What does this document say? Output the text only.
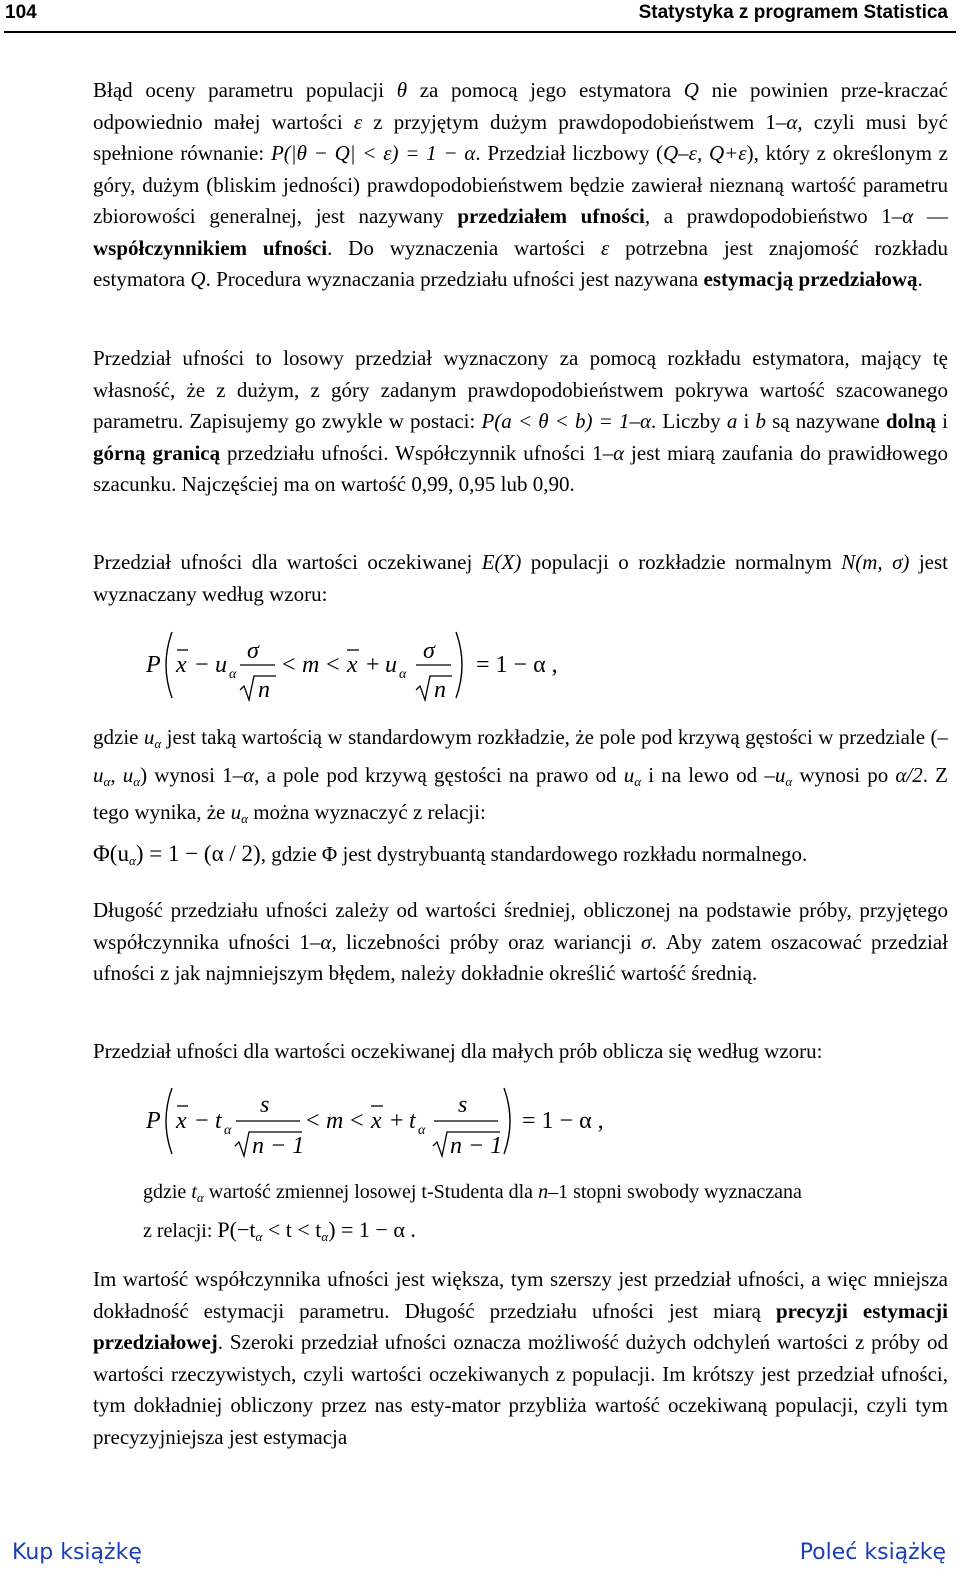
104	Statystyka z programem Statistica
Błąd oceny parametru populacji θ za pomocą jego estymatora Q nie powinien prze-kraczać odpowiednio małej wartości ε z przyjętym dużym prawdopodobieństwem 1–α, czyli musi być spełnione równanie: P(|θ − Q| < ε) = 1 − α. Przedział liczbowy (Q–ε, Q+ε), który z określonym z góry, dużym (bliskim jedności) prawdopodobieństwem będzie zawierał nieznaną wartość parametru zbiorowości generalnej, jest nazywany przedziałem ufności, a prawdopodobieństwo 1–α — współczynnikiem ufności. Do wyznaczenia wartości ε potrzebna jest znajomość rozkładu estymatora Q. Procedura wyznaczania przedziału ufności jest nazywana estymacją przedziałową.
Przedział ufności to losowy przedział wyznaczony za pomocą rozkładu estymatora, mający tę własność, że z dużym, z góry zadanym prawdopodobieństwem pokrywa wartość szacowanego parametru. Zapisujemy go zwykle w postaci: P(a < θ < b) = 1–α. Liczby a i b są nazywane dolną i górną granicą przedziału ufności. Współczynnik ufności 1–α jest miarą zaufania do prawidłowego szacunku. Najczęściej ma on wartość 0,99, 0,95 lub 0,90.
Przedział ufności dla wartości oczekiwanej E(X) populacji o rozkładzie normalnym N(m, σ) jest wyznaczany według wzoru:
P x − u α
σ
n
< m < x + u α
σ
n
= 1 − α ,
gdzie $u_\alpha$ jest taką wartością w standardowym rozkładzie, że pole pod krzywą gęstości w przedziale ($-u_\alpha$, $u_\alpha$) wynosi 1–α, a pole pod krzywą gęstości na prawo od $u_\alpha$ i na lewo od $-u_\alpha$ wynosi po α/2. Z tego wynika, że $u_\alpha$ można wyznaczyć z relacji:
$\Phi(u_\alpha) = 1 - (\alpha / 2)$, gdzie Φ jest dystrybuantą standardowego rozkładu normalnego.
Długość przedziału ufności zależy od wartości średniej, obliczonej na podstawie próby, przyjętego współczynnika ufności 1–α, liczebności próby oraz wariancji σ. Aby zatem oszacować przedział ufności z jak najmniejszym błędem, należy dokładnie określić wartość średnią.
Przedział ufności dla wartości oczekiwanej dla małych prób oblicza się według wzoru:
P x − t α
s
n − 1
< m < x + t α
s
n − 1
= 1 − α ,
gdzie $t_\alpha$ wartość zmiennej losowej t-Studenta dla n–1 stopni swobody wyznaczana
z relacji: $P(-t_\alpha < t < t_\alpha) = 1 - \alpha$ .
Im wartość współczynnika ufności jest większa, tym szerszy jest przedział ufności, a więc mniejsza dokładność estymacji parametru. Długość przedziału ufności jest miarą precyzji estymacji przedziałowej. Szeroki przedział ufności oznacza możliwość dużych odchyleń wartości z próby od wartości rzeczywistych, czyli wartości oczekiwanych z populacji. Im krótszy jest przedział ufności, tym dokładniej obliczony przez nas esty-mator przybliża wartość oczekiwaną populacji, czyli tym precyzyjniejsza jest estymacja
Kup książkę	Poleć książkę
